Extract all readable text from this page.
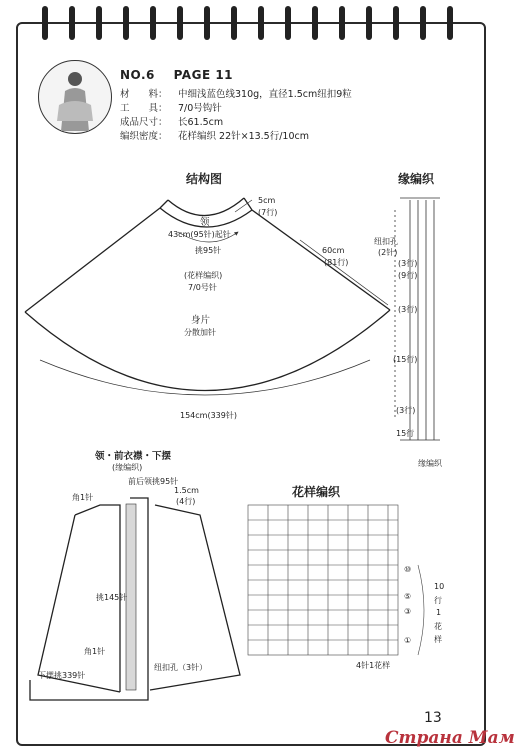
NO.6 PAGE 11
材　　料： 中细浅蓝色线310g，直径1.5cm纽扣9粒
工　　具： 7/0号钩针
成品尺寸： 长61.5cm
编织密度： 花样编织 22针×13.5行/10cm
结构图
领
5cm
(7行)
43cm(95针)起针
挑95针
(花样编织)
7/0号针
60cm
(81行)
身片
分散加针
154cm(339针)
缘编织
纽扣孔
(2针)
(3行)
(9行)
(3行)
(15行)
(3行)
15行
缘编织
领・前衣襟・下摆
(缘编织)
前后领挑95针
角1针
1.5cm
(4行)
挑145针
角1针
纽扣孔（3针）
下摆挑339针
花样编织
⑩
⑤
③
①
10
行
1
花
样
4针1花样
13
Страна Мам
